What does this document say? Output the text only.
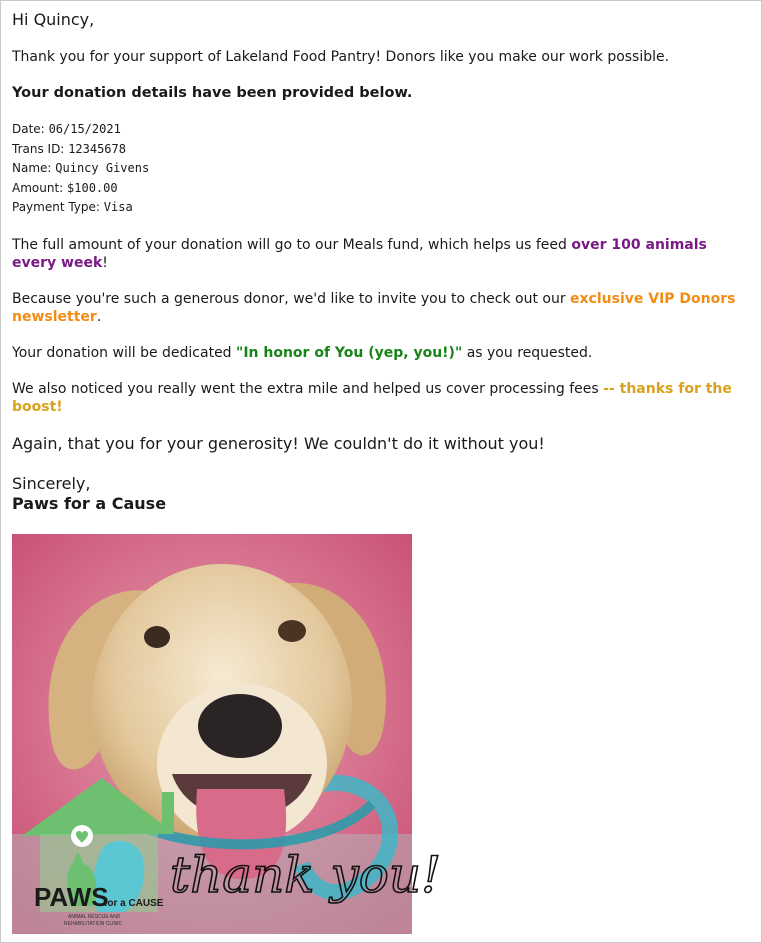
Hi Quincy,

Thank you for your support of Lakeland Food Pantry! Donors like you make our work possible.

Your donation details have been provided below.

Date: 06/15/2021
Trans ID: 12345678
Name: Quincy Givens
Amount: $100.00
Payment Type: Visa

The full amount of your donation will go to our Meals fund, which helps us feed over 100 animals every week!

Because you're such a generous donor, we'd like to invite you to check out our exclusive VIP Donors newsletter.

Your donation will be dedicated "In honor of You (yep, you!)" as you requested.

We also noticed you really went the extra mile and helped us cover processing fees -- thanks for the boost!

Again, that you for your generosity! We couldn't do it without you!

Sincerely,

Paws for a Cause

PAWS
for a CAUSE
ANIMAL RESCUE AND
REHABILITATION CLINIC
thank you!
